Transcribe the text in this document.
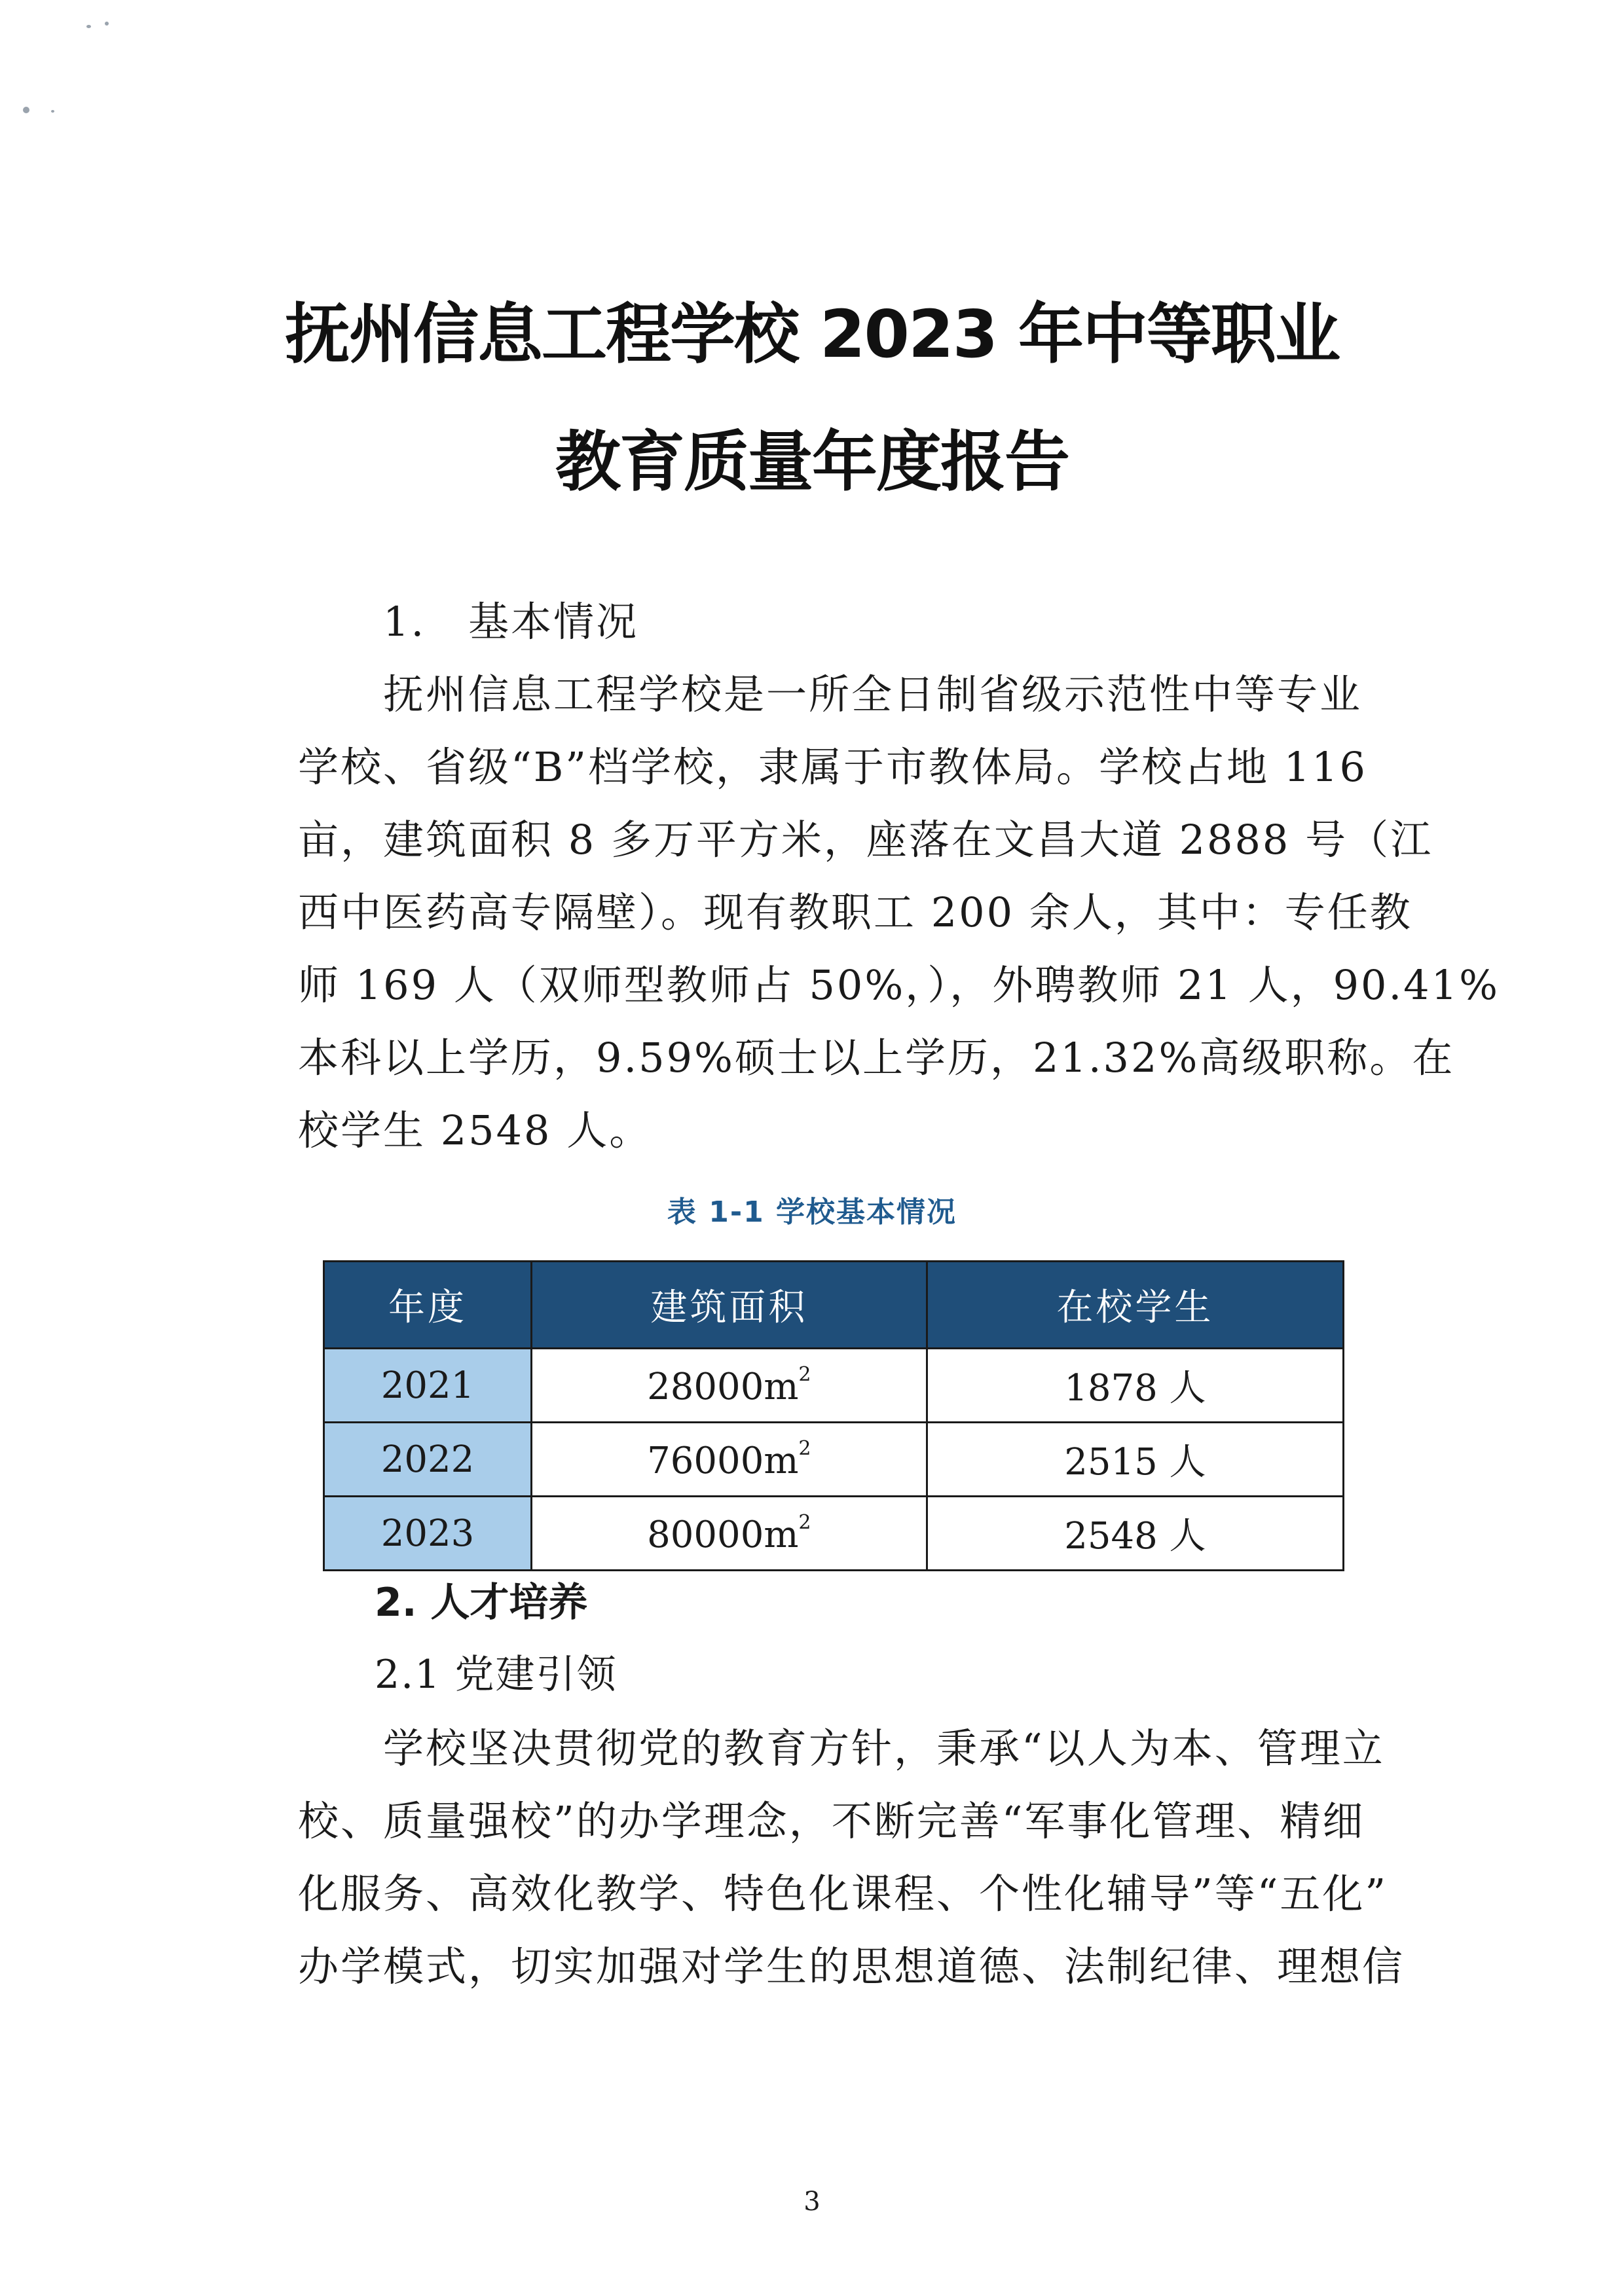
抚州信息工程学校 2023 年中等职业
教育质量年度报告
1.　基本情况
抚州信息工程学校是一所全日制省级示范性中等专业
学校、省级“B”档学校，隶属于市教体局。学校占地 116
亩，建筑面积 8 多万平方米，座落在文昌大道 2888 号（江
西中医药高专隔壁）。现有教职工 200 余人，其中：专任教
师 169 人（双师型教师占 50%，），外聘教师 21 人，90.41%
本科以上学历，9.59%硕士以上学历，21.32%高级职称。在
校学生 2548 人。
表 1-1 学校基本情况
年度	建筑面积	在校学生
2021	$28000m^2$	1878 人
2022	$76000m^2$	2515 人
2023	$80000m^2$	2548 人
2. 人才培养
2.1 党建引领
学校坚决贯彻党的教育方针，秉承“以人为本、管理立
校、质量强校”的办学理念，不断完善“军事化管理、精细
化服务、高效化教学、特色化课程、个性化辅导”等“五化”
办学模式，切实加强对学生的思想道德、法制纪律、理想信
3
